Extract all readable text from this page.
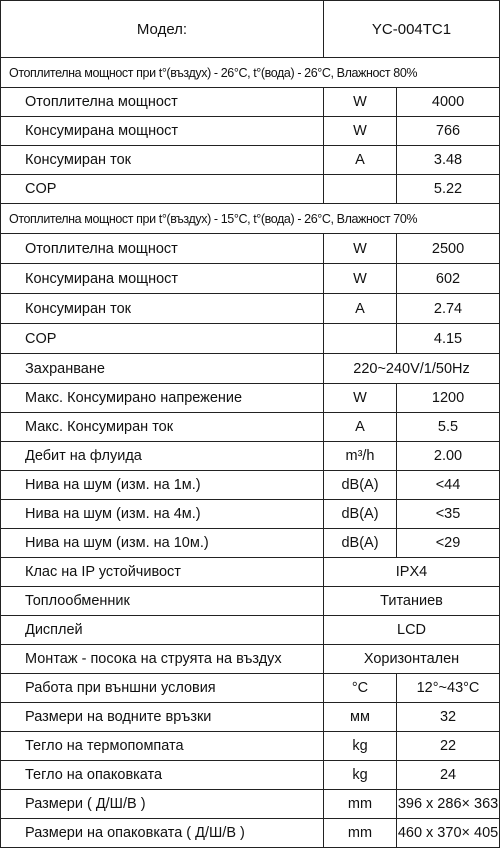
Модел:	YC-004TC1	
Отоплителна мощност при t°(въздух) - 26°C, t°(вода) - 26°C, Влажност 80%		
Отоплителна мощност	W	4000
Консумирана мощност	W	766
Консумиран ток	A	3.48
COP		5.22
Отоплителна мощност при t°(въздух) - 15°C, t°(вода) - 26°C, Влажност 70%		
Отоплителна мощност	W	2500
Консумирана мощност	W	602
Консумиран ток	A	2.74
COP		4.15
Захранване	220~240V/1/50Hz	
Макс. Консумирано напрежение	W	1200
Макс. Консумиран ток	A	5.5
Дебит на флуида	m³/h	2.00
Нива на шум (изм. на 1м.)	dB(A)	<44
Нива на шум (изм. на 4м.)	dB(A)	<35
Нива на шум (изм. на 10м.)	dB(A)	<29
Клас на IP устойчивост	IPX4	
Топлообменник	Титаниев	
Дисплей	LCD	
Монтаж - посока на струята на въздух	Хоризонтален	
Работа при външни условия	°C	12°~43°C
Размери на водните връзки	мм	32
Тегло на термопомпата	kg	22
Тегло на опаковката	kg	24
Размери ( Д/Ш/В )	mm	396 x 286× 363
Размери на опаковката ( Д/Ш/В )	mm	460 x 370× 405
